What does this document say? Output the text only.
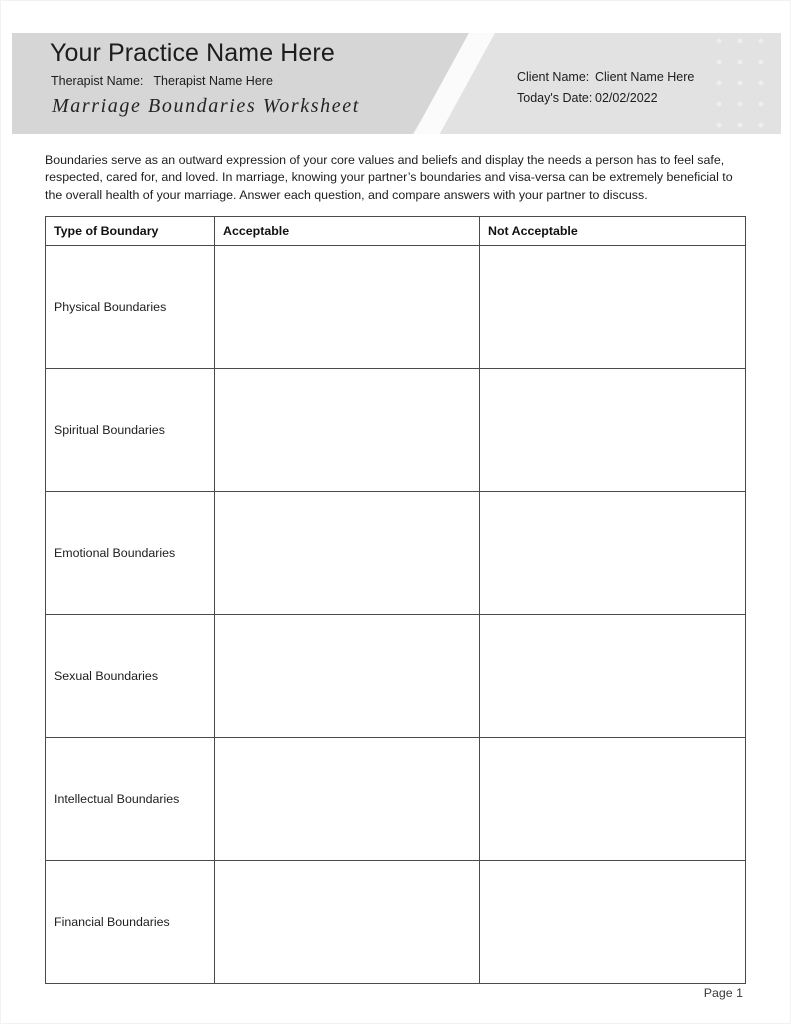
Your Practice Name Here
Therapist Name: Therapist Name Here
Marriage Boundaries Worksheet
Client Name: Client Name Here
Today's Date: 02/02/2022
Boundaries serve as an outward expression of your core values and beliefs and display the needs a person has to feel safe, respected, cared for, and loved. In marriage, knowing your partner’s boundaries and visa-versa can be extremely beneficial to the overall health of your marriage. Answer each question, and compare answers with your partner to discuss.
Type of Boundary	Acceptable	Not Acceptable

Physical Boundaries		

Spiritual Boundaries		

Emotional Boundaries		

Sexual Boundaries		

Intellectual Boundaries		

Financial Boundaries		

Page 1
